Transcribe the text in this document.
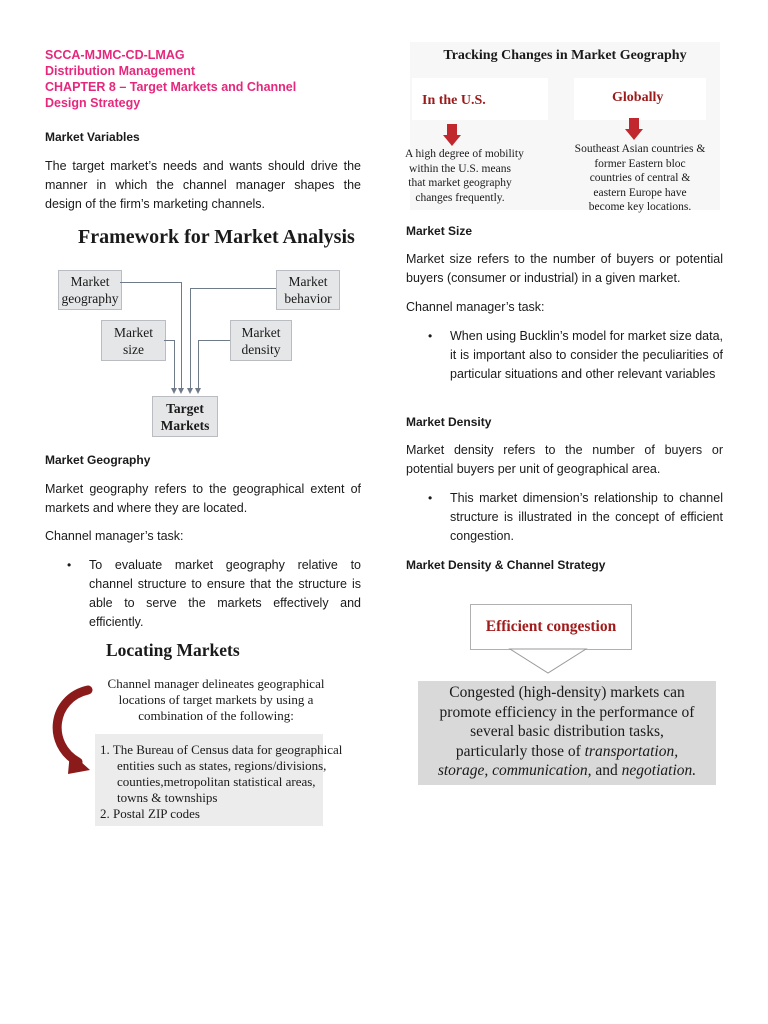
SCCA-MJMC-CD-LMAG
Distribution Management
CHAPTER 8 – Target Markets and Channel
Design Strategy
Market Variables
The target market’s needs and wants should drive the manner in which the channel manager shapes the design of the firm’s marketing channels.
Framework for Market Analysis
Market
geography
Market
behavior
Market
size
Market
density
Target
Markets
Market Geography
Market geography refers to the geographical extent of markets and where they are located.
Channel manager’s task:
•	To evaluate market geography relative to channel structure to ensure that the structure is able to serve the markets effectively and efficiently.
Locating Markets
Channel manager delineates geographical
locations of target markets by using a
combination of the following:
1. The Bureau of Census data for geographical
entities such as states, regions/divisions,
counties,metropolitan statistical areas,
towns & townships
2. Postal ZIP codes
Tracking Changes in Market Geography
In the U.S.	Globally
A high degree of mobility
within the U.S. means
that market geography
changes frequently.
Southeast Asian countries &
former Eastern bloc
countries of central &
eastern Europe have
become key locations.
Market Size
Market size refers to the number of buyers or potential buyers (consumer or industrial) in a given market.
Channel manager’s task:
•	When using Bucklin’s model for market size data, it is important also to consider the peculiarities of particular situations and other relevant variables
Market Density
Market density refers to the number of buyers or potential buyers per unit of geographical area.
•	This market dimension’s relationship to channel structure is illustrated in the concept of efficient congestion.
Market Density & Channel Strategy
Efficient congestion
Congested (high-density) markets can
promote efficiency in the performance of
several basic distribution tasks,
particularly those of transportation,
storage, communication, and negotiation.
